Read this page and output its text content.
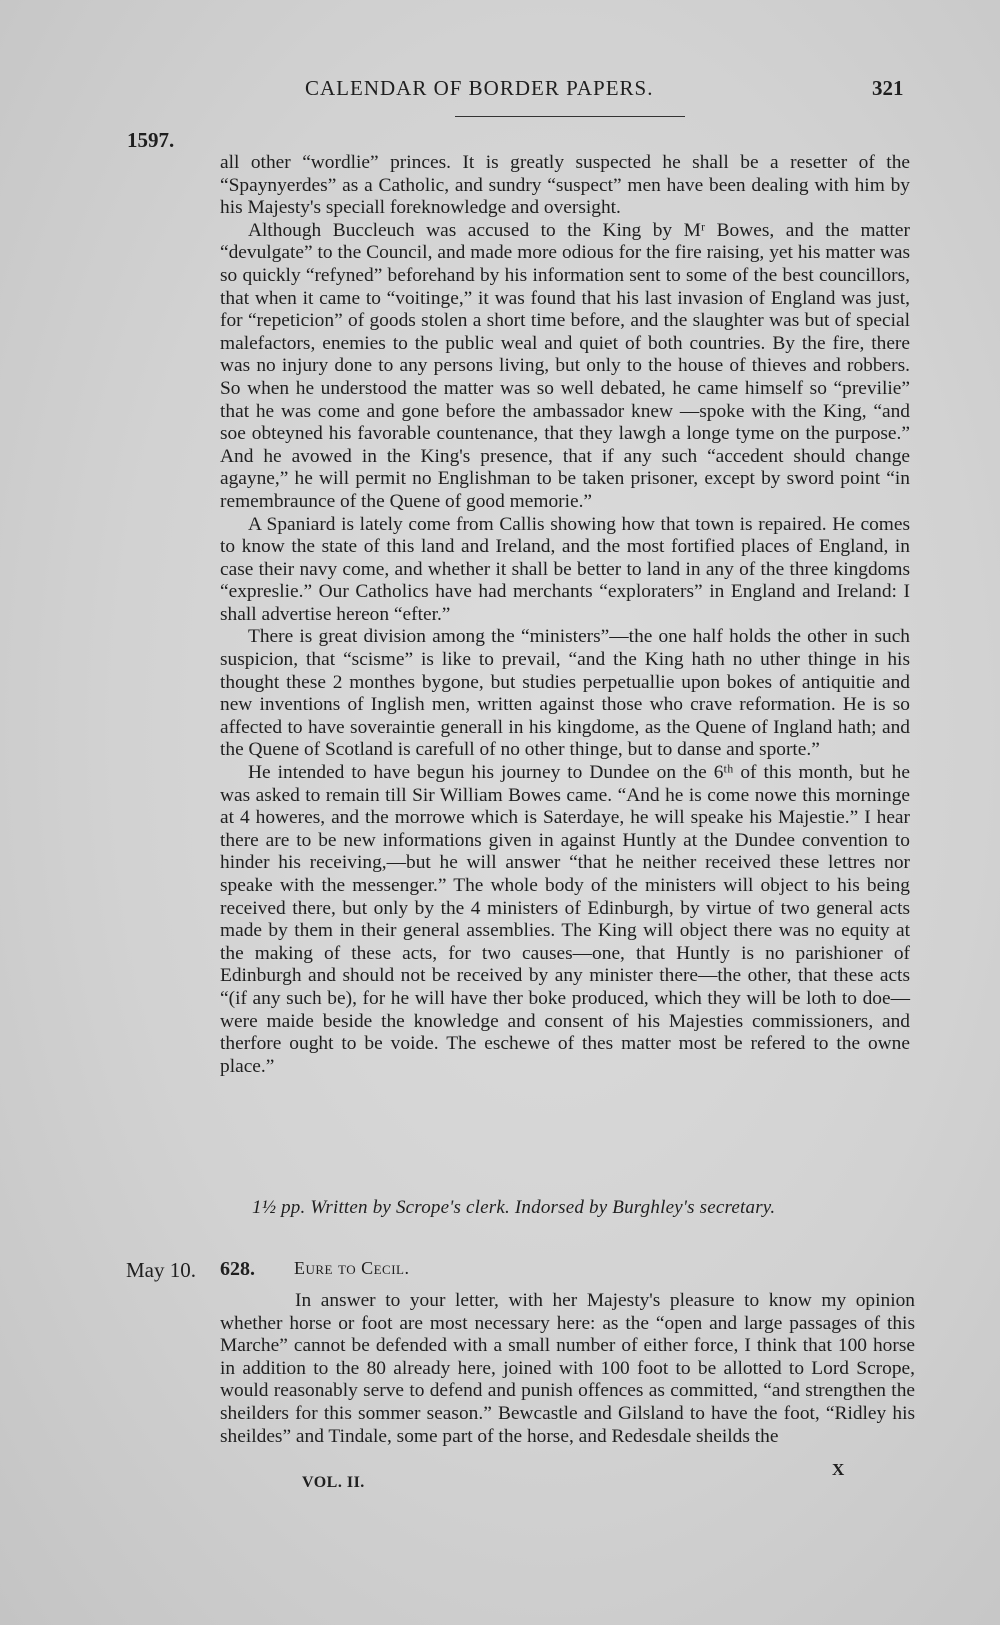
CALENDAR OF BORDER PAPERS.	321
1597.

all other “wordlie” princes. It is greatly suspected he shall be a resetter of the “Spaynyerdes” as a Catholic, and sundry “suspect” men have been dealing with him by his Majesty's speciall foreknowledge and oversight.

Although Buccleuch was accused to the King by Mʳ Bowes, and the matter “devulgate” to the Council, and made more odious for the fire raising, yet his matter was so quickly “refyned” beforehand by his information sent to some of the best councillors, that when it came to “voitinge,” it was found that his last invasion of England was just, for “repeticion” of goods stolen a short time before, and the slaughter was but of special malefactors, enemies to the public weal and quiet of both countries. By the fire, there was no injury done to any persons living, but only to the house of thieves and robbers. So when he understood the matter was so well debated, he came himself so “previlie” that he was come and gone before the ambassador knew —spoke with the King, “and soe obteyned his favorable countenance, that they lawgh a longe tyme on the purpose.” And he avowed in the King's presence, that if any such “accedent should change agayne,” he will permit no Englishman to be taken prisoner, except by sword point “in remembraunce of the Quene of good memorie.”

A Spaniard is lately come from Callis showing how that town is repaired. He comes to know the state of this land and Ireland, and the most fortified places of England, in case their navy come, and whether it shall be better to land in any of the three kingdoms “expreslie.” Our Catholics have had merchants “exploraters” in England and Ireland: I shall advertise hereon “efter.”

There is great division among the “ministers”—the one half holds the other in such suspicion, that “scisme” is like to prevail, “and the King hath no uther thinge in his thought these 2 monthes bygone, but studies perpetuallie upon bokes of antiquitie and new inventions of Inglish men, written against those who crave reformation. He is so affected to have soveraintie generall in his kingdome, as the Quene of Ingland hath; and the Quene of Scotland is carefull of no other thinge, but to danse and sporte.”

He intended to have begun his journey to Dundee on the 6ᵗʰ of this month, but he was asked to remain till Sir William Bowes came. “And he is come nowe this morninge at 4 howeres, and the morrowe which is Saterdaye, he will speake his Majestie.” I hear there are to be new informations given in against Huntly at the Dundee convention to hinder his receiving,—but he will answer “that he neither received these lettres nor speake with the messenger.” The whole body of the ministers will object to his being received there, but only by the 4 ministers of Edinburgh, by virtue of two general acts made by them in their general assemblies. The King will object there was no equity at the making of these acts, for two causes—one, that Huntly is no parishioner of Edinburgh and should not be received by any minister there—the other, that these acts “(if any such be), for he will have ther boke produced, which they will be loth to doe—were maide beside the knowledge and consent of his Majesties commissioners, and therfore ought to be voide. The eschewe of thes matter most be refered to the owne place.”

1½ pp. Written by Scrope's clerk. Indorsed by Burghley's secretary.
May 10. 628. Eure to Cecil.

In answer to your letter, with her Majesty's pleasure to know my opinion whether horse or foot are most necessary here: as the “open and large passages of this Marche” cannot be defended with a small number of either force, I think that 100 horse in addition to the 80 already here, joined with 100 foot to be allotted to Lord Scrope, would reasonably serve to defend and punish offences as committed, “and strengthen the sheilders for this sommer season.” Bewcastle and Gilsland to have the foot, “Ridley his sheildes” and Tindale, some part of the horse, and Redesdale sheilds the

X
VOL. II.
